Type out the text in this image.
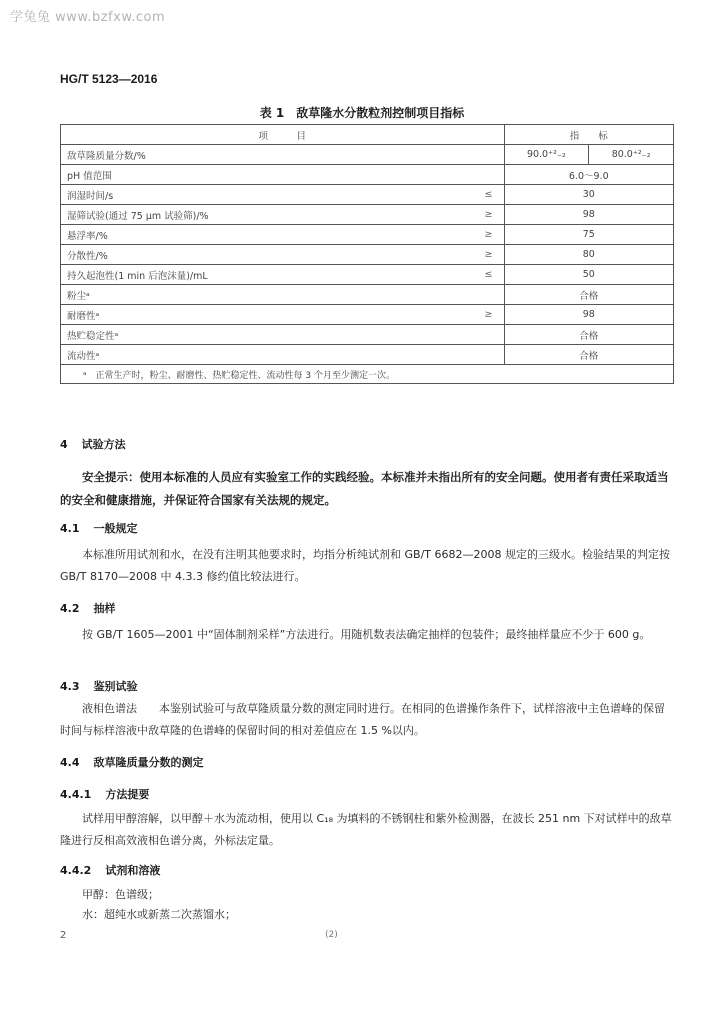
学兔兔 www.bzfxw.com
HG/T 5123—2016
表 1　敌草隆水分散粒剂控制项目指标
项　　　目		指　　标	
敌草隆质量分数/%		90.0⁺²₋₂	80.0⁺²₋₂
pH 值范围		6.0～9.0	
润湿时间/s	≤	30	
湿筛试验(通过 75 μm 试验筛)/%	≥	98	
悬浮率/%	≥	75	
分散性/%	≥	80	
持久起泡性(1 min 后泡沫量)/mL	≤	50	
粉尘ᵃ		合格	
耐磨性ᵃ	≥	98	
热贮稳定性ᵃ		合格	
流动性ᵃ		合格	
ᵃ　正常生产时，粉尘、耐磨性、热贮稳定性、流动性每 3 个月至少测定一次。			
4 试验方法
安全提示：使用本标准的人员应有实验室工作的实践经验。本标准并未指出所有的安全问题。使用者有责任采取适当的安全和健康措施，并保证符合国家有关法规的规定。
4.1 一般规定
本标准所用试剂和水，在没有注明其他要求时，均指分析纯试剂和 GB/T 6682—2008 规定的三级水。检验结果的判定按 GB/T 8170—2008 中 4.3.3 修约值比较法进行。
4.2 抽样
按 GB/T 1605—2001 中“固体制剂采样”方法进行。用随机数表法确定抽样的包装件；最终抽样量应不少于 600 g。
4.3 鉴别试验
液相色谱法　　本鉴别试验可与敌草隆质量分数的测定同时进行。在相同的色谱操作条件下，试样溶液中主色谱峰的保留时间与标样溶液中敌草隆的色谱峰的保留时间的相对差值应在 1.5 %以内。
4.4 敌草隆质量分数的测定
4.4.1 方法提要
试样用甲醇溶解，以甲醇＋水为流动相，使用以 C₁₈ 为填料的不锈钢柱和紫外检测器，在波长 251 nm 下对试样中的敌草隆进行反相高效液相色谱分离，外标法定量。
4.4.2 试剂和溶液
甲醇：色谱级；
水：超纯水或新蒸二次蒸馏水；
2	(2)
